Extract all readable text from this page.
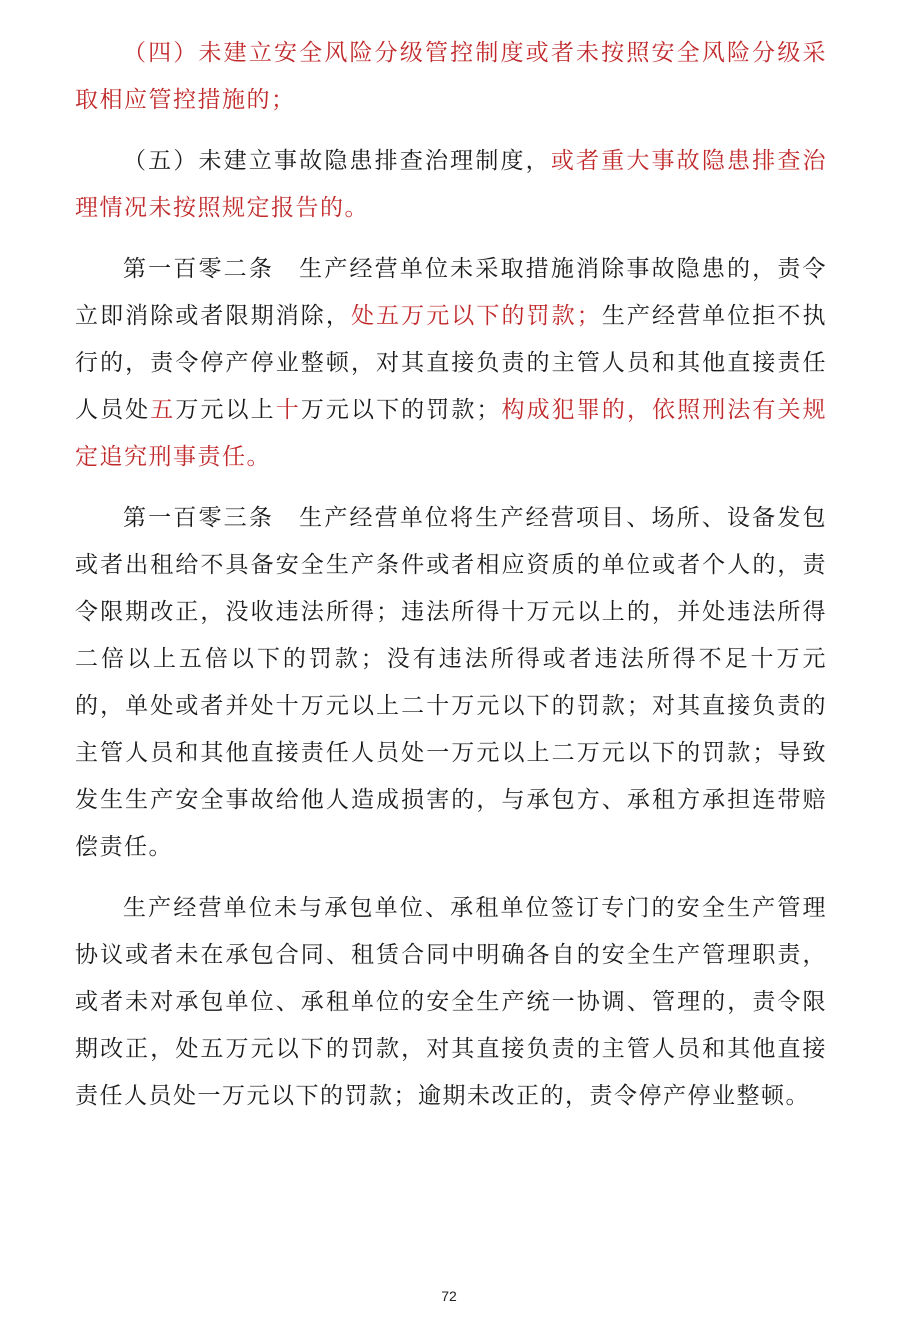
（四）未建立安全风险分级管控制度或者未按照安全风险分级采取相应管控措施的；

（五）未建立事故隐患排查治理制度，或者重大事故隐患排查治理情况未按照规定报告的。

第一百零二条　生产经营单位未采取措施消除事故隐患的，责令立即消除或者限期消除，处五万元以下的罚款；生产经营单位拒不执行的，责令停产停业整顿，对其直接负责的主管人员和其他直接责任人员处五万元以上十万元以下的罚款；构成犯罪的，依照刑法有关规定追究刑事责任。

第一百零三条　生产经营单位将生产经营项目、场所、设备发包或者出租给不具备安全生产条件或者相应资质的单位或者个人的，责令限期改正，没收违法所得；违法所得十万元以上的，并处违法所得二倍以上五倍以下的罚款；没有违法所得或者违法所得不足十万元的，单处或者并处十万元以上二十万元以下的罚款；对其直接负责的主管人员和其他直接责任人员处一万元以上二万元以下的罚款；导致发生生产安全事故给他人造成损害的，与承包方、承租方承担连带赔偿责任。

生产经营单位未与承包单位、承租单位签订专门的安全生产管理协议或者未在承包合同、租赁合同中明确各自的安全生产管理职责，或者未对承包单位、承租单位的安全生产统一协调、管理的，责令限期改正，处五万元以下的罚款，对其直接负责的主管人员和其他直接责任人员处一万元以下的罚款；逾期未改正的，责令停产停业整顿。

72
